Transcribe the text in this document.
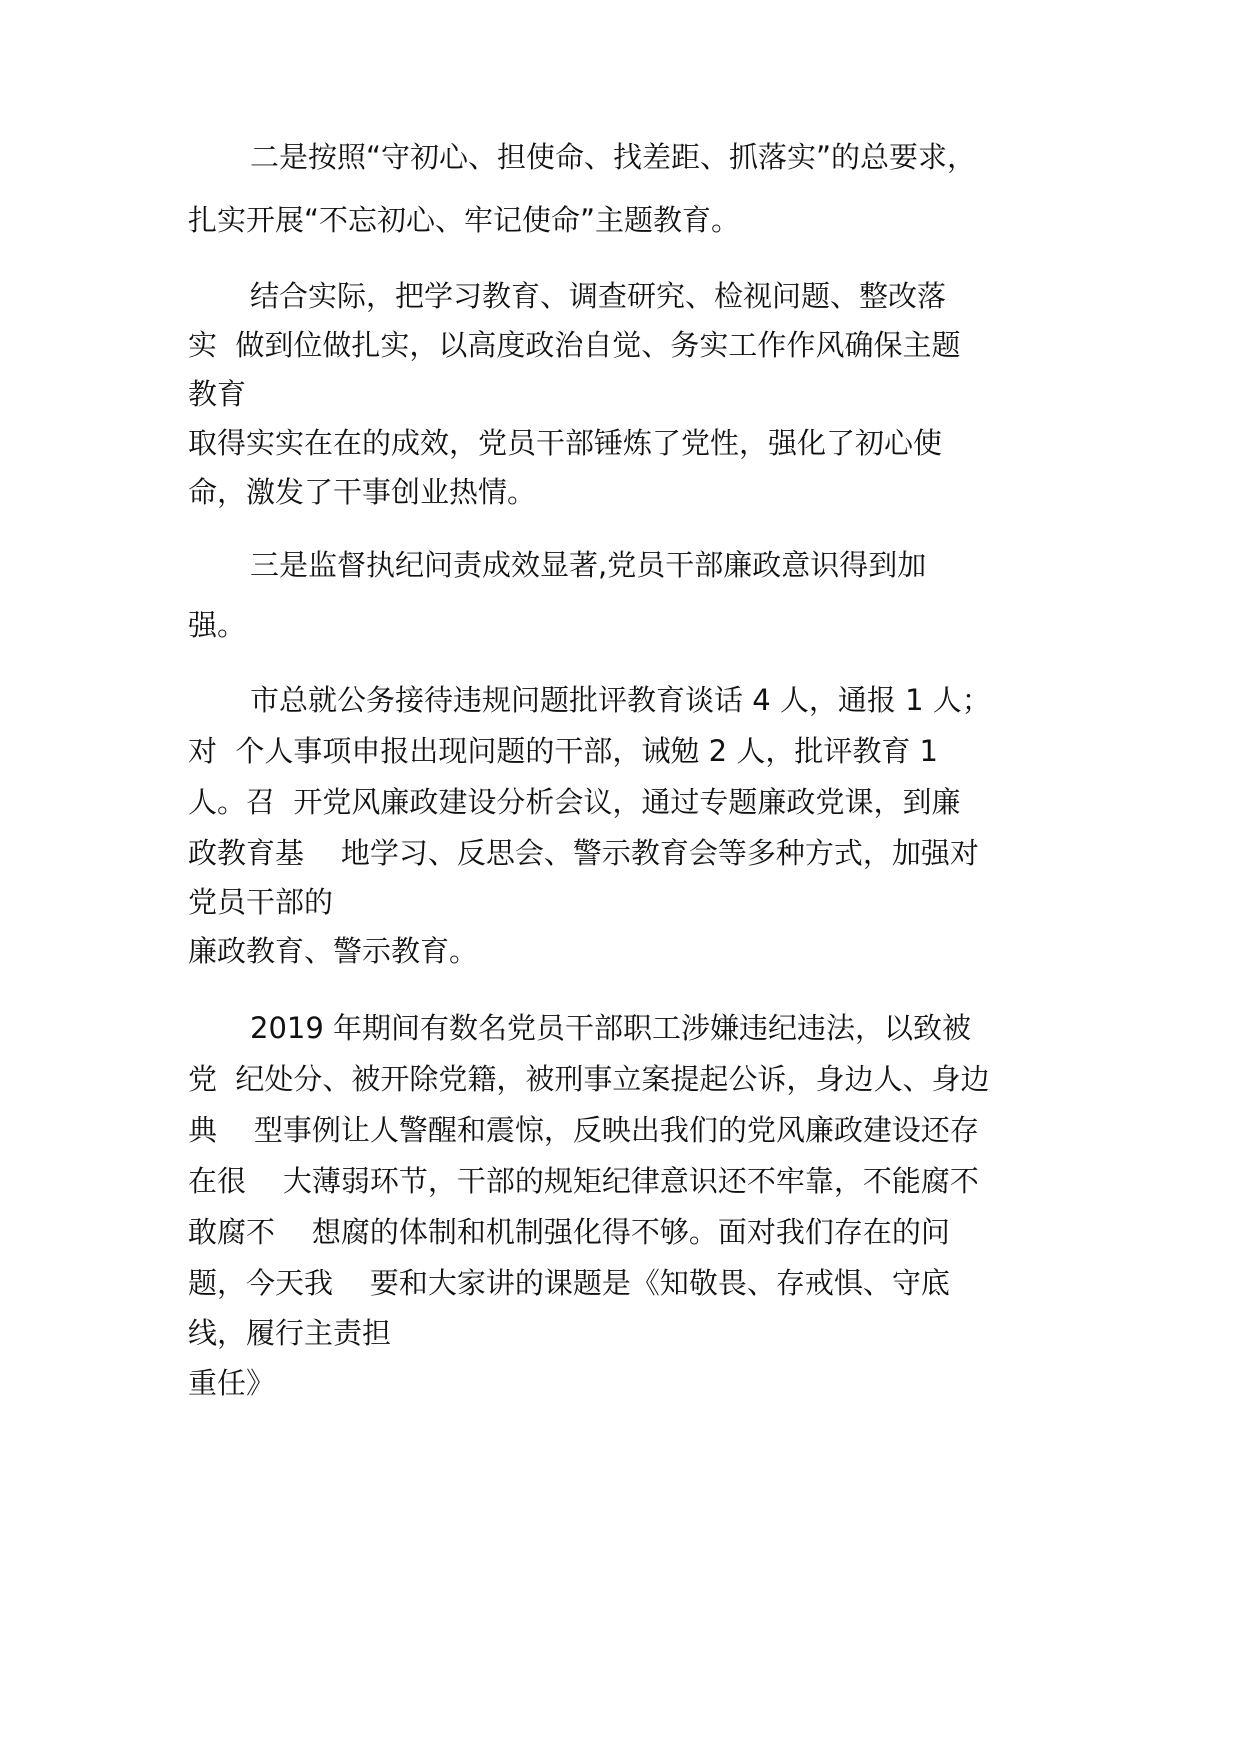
二是按照“守初心、担使命、找差距、抓落实”的总要求，
扎实开展“不忘初心、牢记使命”主题教育。
结合实际，把学习教育、调查研究、检视问题、整改落
实  做到位做扎实，以高度政治自觉、务实工作作风确保主题
教育
取得实实在在的成效，党员干部锤炼了党性，强化了初心使
命，激发了干事创业热情。
三是监督执纪问责成效显著,党员干部廉政意识得到加
强。
市总就公务接待违规问题批评教育谈话 4 人，通报 1 人；
对  个人事项申报出现问题的干部，诫勉 2 人，批评教育 1
人。召  开党风廉政建设分析会议，通过专题廉政党课，到廉
政教育基    地学习、反思会、警示教育会等多种方式，加强对
党员干部的
廉政教育、警示教育。
2019 年期间有数名党员干部职工涉嫌违纪违法，以致被
党  纪处分、被开除党籍，被刑事立案提起公诉，身边人、身边
典    型事例让人警醒和震惊，反映出我们的党风廉政建设还存
在很    大薄弱环节，干部的规矩纪律意识还不牢靠，不能腐不
敢腐不    想腐的体制和机制强化得不够。面对我们存在的问
题，今天我    要和大家讲的课题是《知敬畏、存戒惧、守底
线，履行主责担
重任》
